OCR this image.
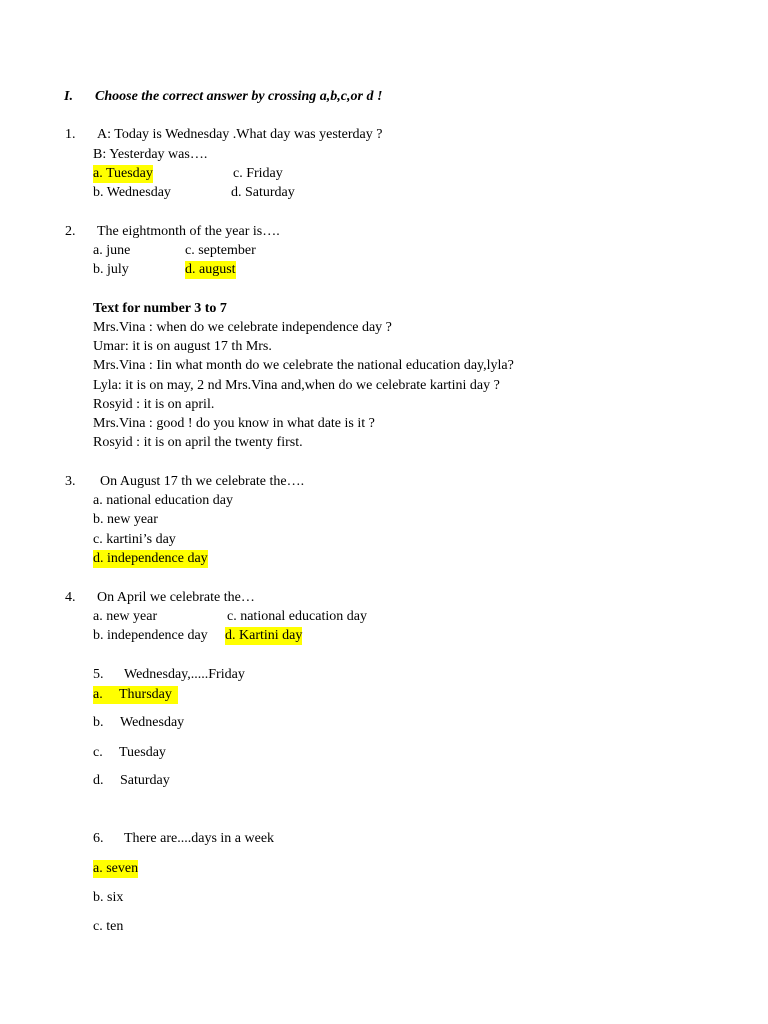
I. Choose the correct answer by crossing a,b,c,or d !
1. A: Today is Wednesday .What day was yesterday ?
B: Yesterday was….
a. Tuesday	c. Friday
b. Wednesday	d. Saturday
2. The eightmonth of the year is….
a. june	c. september
b. july	d. august
Text for number 3 to 7
Mrs.Vina : when do we celebrate independence day ?
Umar: it is on august 17 th Mrs.
Mrs.Vina : Iin what month do we celebrate the national education day,lyla?
Lyla: it is on may, 2 nd Mrs.Vina and,when do we celebrate kartini day ?
Rosyid : it is on april.
Mrs.Vina : good ! do you know in what date is it ?
Rosyid : it is on april the twenty first.
3. On August 17 th we celebrate the….
a. national education day
b. new year
c. kartini’s day
d. independence day
4. On April we celebrate the…
a. new year	c. national education day
b. independence day d. Kartini day
5. Wednesday,.....Friday
a. Thursday
b. Wednesday
c. Tuesday
d. Saturday
6. There are....days in a week
a. seven
b. six
c. ten
